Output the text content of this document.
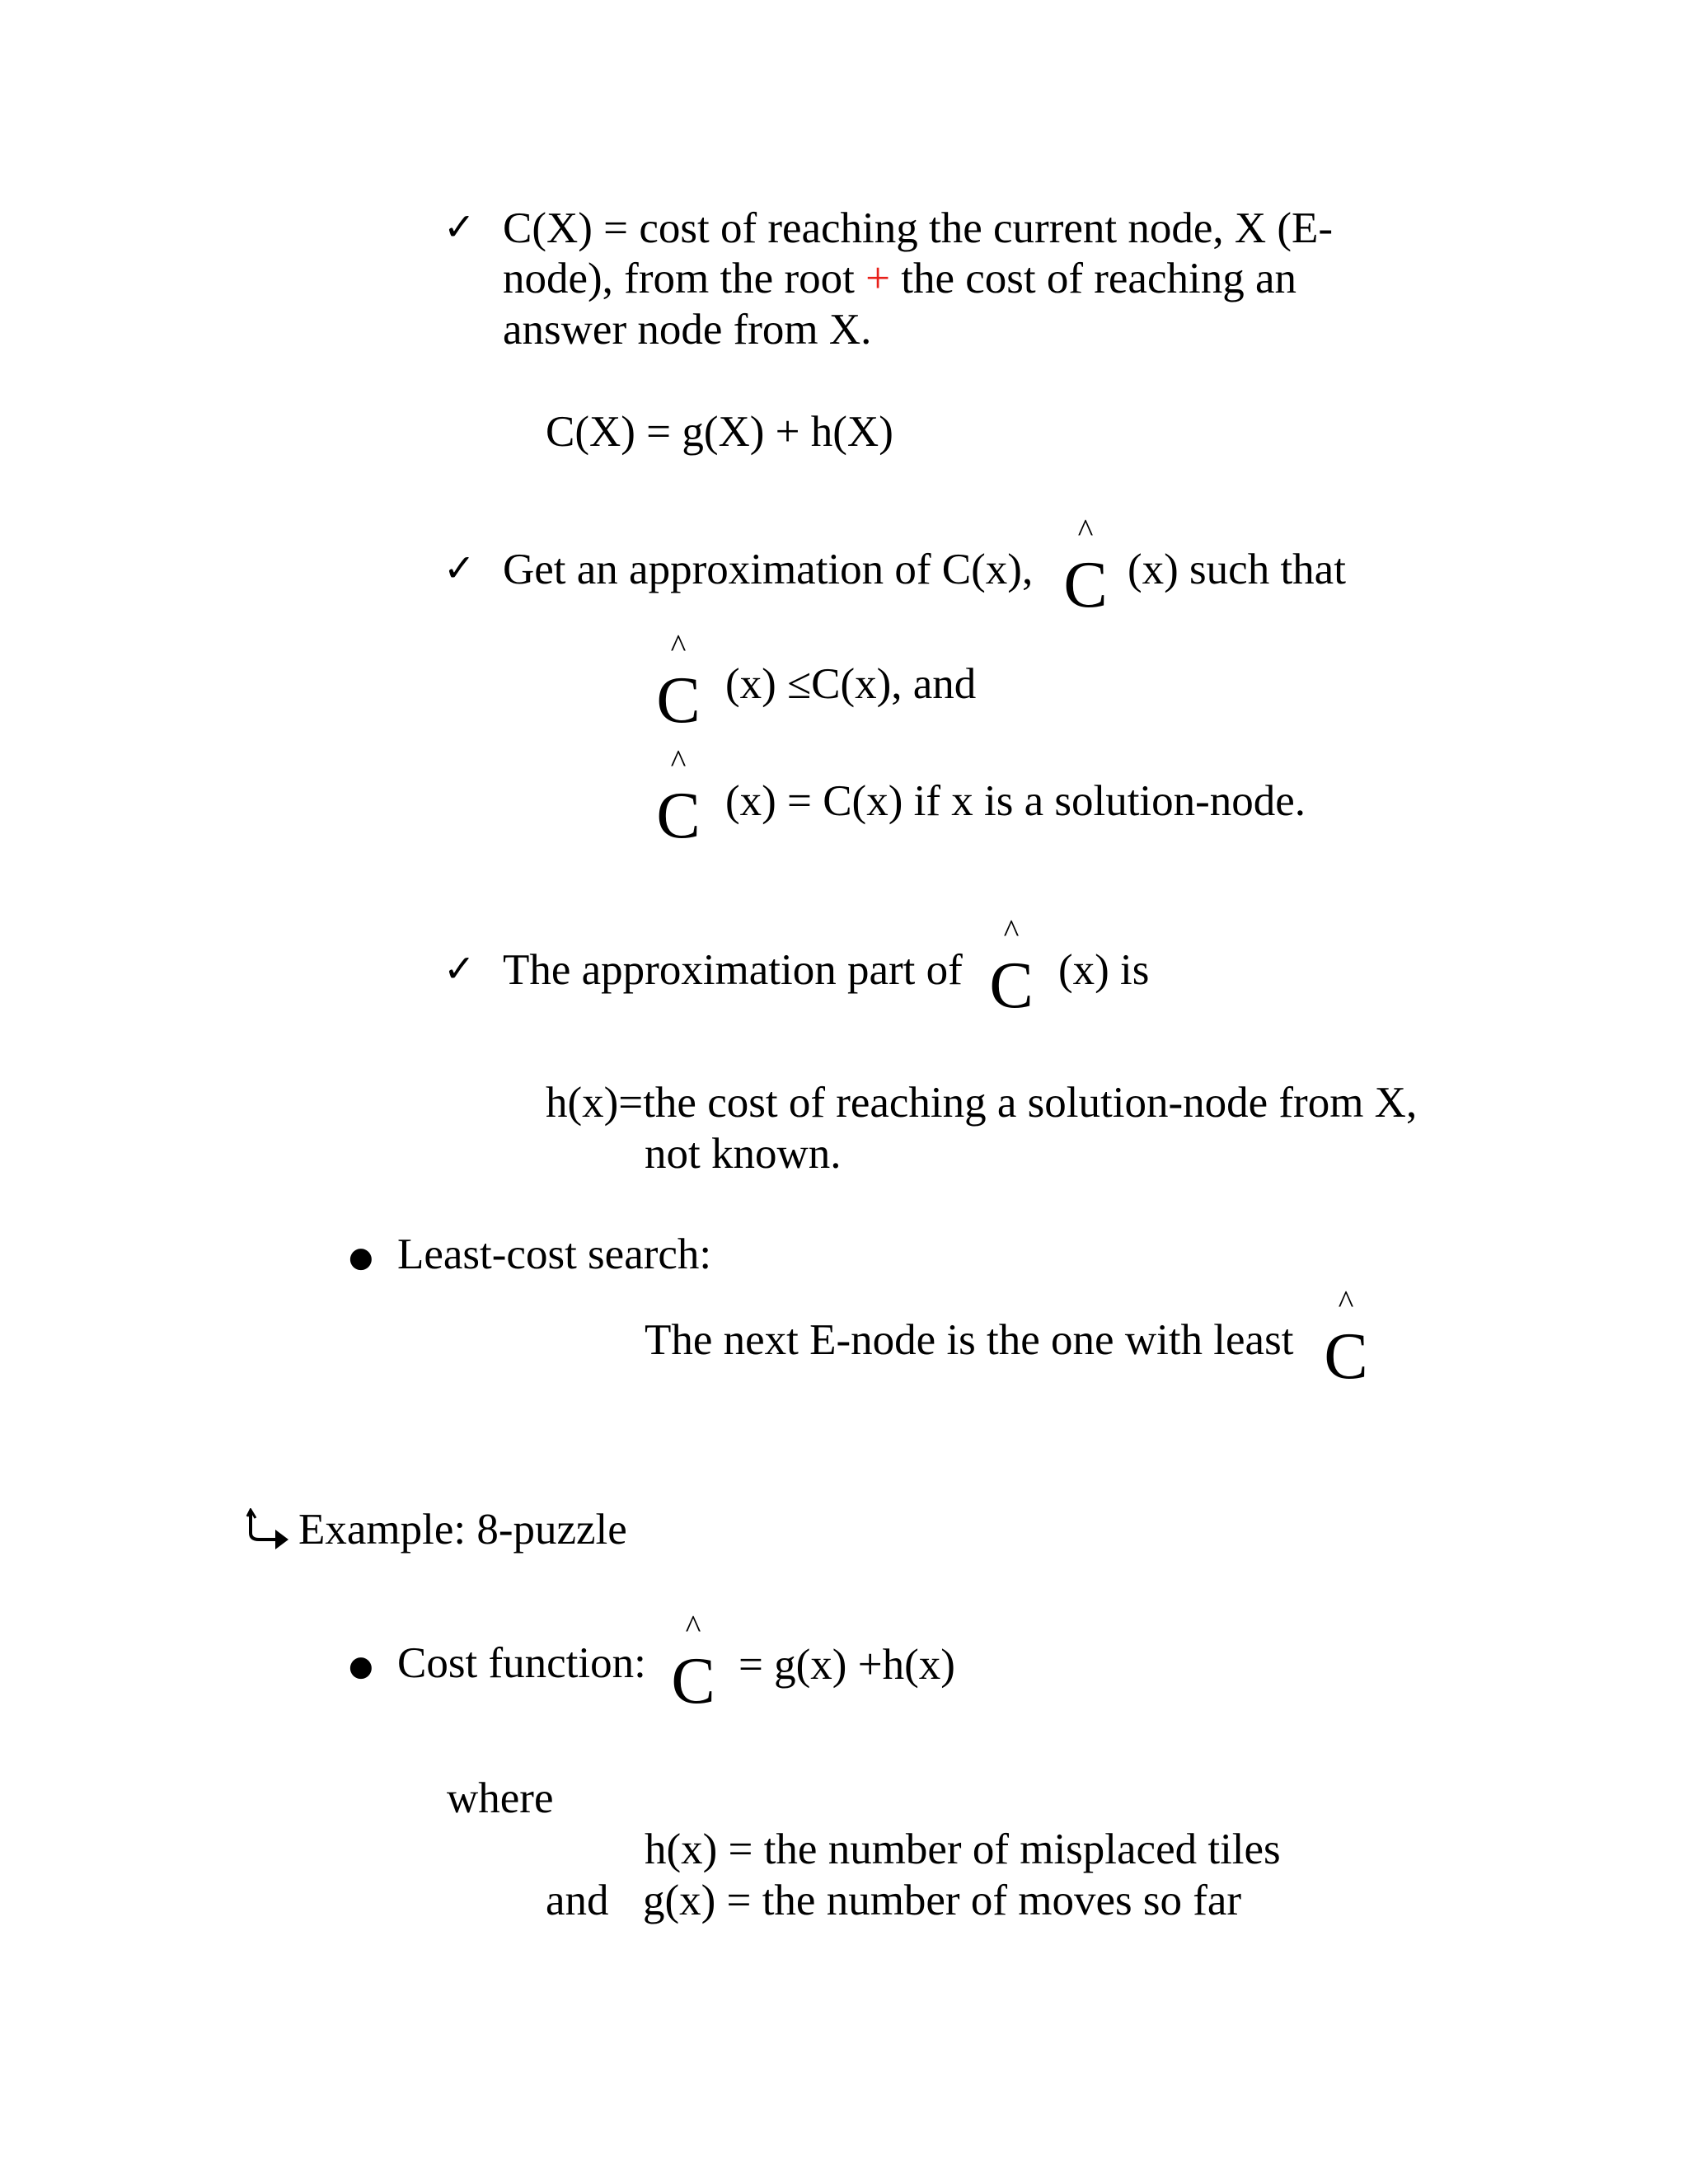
✓ C(X) = cost of reaching the current node, X (E-
node), from the root + the cost of reaching an
answer node from X.
C(X) = g(X) + h(X)
✓ Get an approximation of C(x),
^
C (x) such that
^
C (x) ≤C(x), and
^
C (x) = C(x) if x is a solution-node.
✓ The approximation part of
^
C (x) is
h(x)=the cost of reaching a solution-node from X,
not known.
● Least-cost search:
The next E-node is the one with least
^
C
Example: 8-puzzle
● Cost function:
^
C = g(x) +h(x)
where
h(x) = the number of misplaced tiles
and g(x) = the number of moves so far
